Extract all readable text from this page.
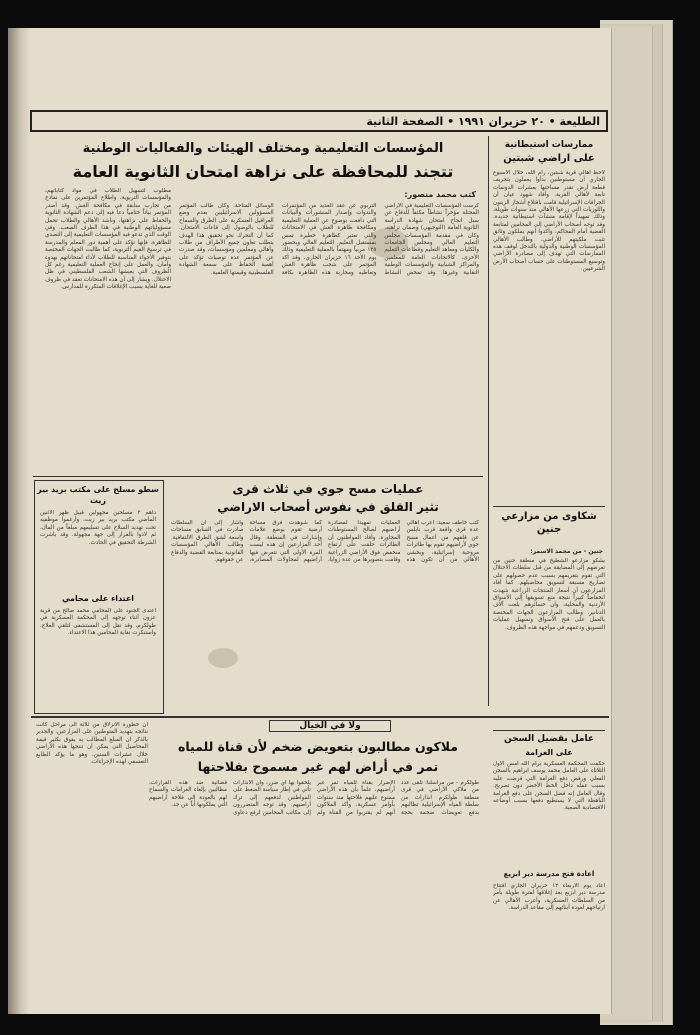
الطليعة • ٢٠ حزيران ١٩٩١ • الصفحة الثانية
ممارسات استيطانية
على اراضي شبتين
لاحظ أهالي قرية شبتين، رام الله، خلال الأسبوع الجاري أن مستوطنين بدأوا يعملون بتجريف قطعة أرض تقدر مساحتها بعشرات الدونمات تابعة لأهالي القرية. وأفاد شهود عيان أن الجرافات الإسرائيلية قامت باقتلاع أشجار الزيتون واللوزيات التي زرعها الأهالي منذ سنوات طويلة، وذلك تمهيداً لإقامة منشآت استيطانية جديدة. وقد توجه أصحاب الأراضي إلى المحامين لمتابعة القضية أمام المحاكم، وأكدوا أنهم يملكون وثائق تثبت ملكيتهم للأراضي. وطالب الأهالي المؤسسات الوطنية والدولية بالتدخل لوقف هذه الممارسات التي تهدف إلى مصادرة الأراضي وتوسيع المستوطنات على حساب أصحاب الأرض الشرعيين.
شكاوى من مزارعي جنين
جنين - من محمد الاسمر:
يشكو مزارعو الشطيخ في منطقة جنين من تعرضهم إلى المضايقة من قبل سلطات الاحتلال التي تقوم بتغريمهم بسبب عدم حصولهم على تصاريح مسبقة لتسويق محاصيلهم. كما أفاد المزارعون أن أسعار المنتجات الزراعية شهدت انخفاضاً كبيراً نتيجة منع تسويقها إلى الأسواق الأردنية والمحلية، وأن خسائرهم بلغت آلاف الدنانير. وطالب المزارعون الجهات المختصة بالعمل على فتح الأسواق وتسهيل عمليات التسويق ودعمهم في مواجهة هذه الظروف.
عامل يقضيل السجن
على الغرامة
حكمت المحكمة العسكرية برام الله أمس الأول الثلاثاء على العامل محمد يوسف ابراهيم بالسجن الفعلي ورفض دفع الغرامة التي فرضت عليه بسبب عمله داخل الخط الأخضر دون تصريح. وقال العامل إنه فضل السجن على دفع الغرامة الباهظة التي لا يستطيع دفعها بسبب أوضاعه الاقتصادية الصعبة.
اعادة فتح مدرسة دير ابزيع
اعاد يوم الاربعاء ١٢ حزيران الجاري افتتاح مدرسة دير ابزيع بعد إغلاقها لفترة طويلة بأمر من السلطات العسكرية، وأعرب الأهالي عن ارتياحهم لعودة أبنائهم إلى مقاعد الدراسة.
المؤسسات التعليمية ومختلف الهيئات والفعاليات الوطنية
تتجند للمحافظة على نزاهة امتحان الثانوية العامة
كتب محمد منصور:
كرست المؤسسات التعليمية في الأراضي المحتلة مؤخراً نشاطاً مكثفاً للدفاع عن سبل انجاح امتحان شهادة الدراسة الثانوية العامة (التوجيهي) وضمان نزاهته، وكان في مقدمة المؤسسات مجلس التعليم العالي ومجلس الجامعات والكليات ومعاهد التعليم وقطاعات التعليم الأخرى، كالاتحادات العامة للمعلمين والمراكز الشبابية والمؤسسات الوطنية النقابية وغيرها. وقد تمخض النشاط التربوي عن عقد العديد من المؤتمرات والندوات وإصدار المنشورات والبيانات التي دافعت بوضوح عن العملية التعليمية ومكافحة ظاهرة الغش في الامتحانات والتي تعتبر كظاهرة خطيرة تمس بمستقبل التعليم. التعليم العالي وبحضور ١٢٥ مربياً ومهتماً بالعملية التعليمية وذلك يوم الأحد ١٦ حزيران الجاري، وقد أكد المؤتمر على شجب ظاهرة الغش وتعاطيه ومحاربة هذه الظاهرة بكافة الوسائل المتاحة. وكان طالب المؤتمر المسؤولين الاسرائيليين بعدم وضع العراقيل العسكرية على الطرق والسماح للطلاب بالوصول إلى قاعات الامتحان. كما أن التحرك نحو تحقيق هذا الهدف يتطلب تعاون جميع الأطراف من طلاب وأهالي ومعلمين ومؤسسات، وقد صدرت عن المؤتمر عدة توصيات تؤكد على أهمية الحفاظ على سمعة الشهادة الفلسطينية وقيمتها العلمية.
مطلوب لتسهيل الطلاب في مواد كتاباتهم، والمؤسسات التربوية، واطلاع المؤتمرين على نماذج من تجارب سابقة في مكافحة الغش. وقد أصدر المؤتمر بياناً ختامياً دعا فيه إلى دعم الشهادة الثانوية والحفاظ على نزاهتها، وناشد الأهالي والطلاب تحمل مسؤولياتهم الوطنية في هذا الظرف الصعب. وفي الوقت الذي تدعو فيه المؤسسات التعليمية إلى التصدي للظاهرة، فإنها تؤكد على أهمية دور المعلم والمدرسة في ترسيخ القيم التربوية، كما طالبت الجهات المختصة بتوفير الأجواء المناسبة للطلاب لأداء امتحاناتهم بهدوء وأمان، والعمل على إنجاح العملية التعليمية رغم كل الظروف التي يعيشها الشعب الفلسطيني في ظل الاحتلال. ويشار إلى أن هذه الامتحانات تعقد في ظروف صعبة للغاية بسبب الإغلاقات المتكررة للمدارس.
سطو مسلح على مكتب بريد بير زيت
داهم ٣ مسلحين مجهولين قبيل ظهر الاثنين الماضي مكتب بريد بير زيت، وأرغموا موظفيه تحت تهديد السلاح على تسليمهم مبلغاً من المال، ثم لاذوا بالفرار إلى جهة مجهولة. وقد باشرت الشرطة التحقيق في الحادث.
اعتداء على محامي
اعتدى الجنود على المحامي محمد صالح من قرية عزون أثناء توجهه إلى المحكمة العسكرية في طولكرم، وقد نقل إلى المستشفى لتلقي العلاج، واستنكرت نقابة المحامين هذا الاعتداء.
عمليات مسح جوي في ثلاث قرى
تثير القلق في نفوس أصحاب الاراضي
كتب خاطف سعيد: أعرب أهالي عدة قرى واقعة قرب نابلس عن قلقهم من أعمال مسح جوي لأراضيهم تقوم بها طائرات مروحية إسرائيلية، ويخشى الأهالي من أن تكون هذه العمليات تمهيداً لمصادرة أراضيهم لصالح المستوطنات المجاورة. وأفاد المواطنون أن الطائرات حلقت على ارتفاع منخفض فوق الأراضي الزراعية وقامت بتصويرها من عدة زوايا، كما شوهدت فرق مساحة أرضية تقوم بوضع علامات وإشارات في المنطقة. وقال أحد المزارعين إن هذه ليست المرة الأولى التي تتعرض فيها أراضيهم لمحاولات المصادرة، وأشار إلى أن السلطات صادرت في السابق مساحات واسعة لشق الطرق الالتفافية. وطالب الأهالي المؤسسات القانونية بمتابعة القضية والدفاع عن حقوقهم.
ولا في الخيال
ملاكون مطالبون بتعويض ضخم لأن قناة للمياه
تمر في أراض لهم غير مسموح بفلاحتها
طولكرم - من مراسلنا: تلقى عدد من ملاكي الأراضي في قرى منطقة طولكرم انذارات من سلطة المياه الإسرائيلية تطالبهم بدفع تعويضات ضخمة بحجة الإضرار بقناة للمياه تمر عبر أراضيهم، علماً بأن هذه الأراضي ممنوع عليهم فلاحتها منذ سنوات بأوامر عسكرية. وأكد الملاكون أنهم لم يقتربوا من القناة ولم يلحقوا بها أي ضرر، وأن الانذارات تأتي في إطار سياسة الضغط على المواطنين لدفعهم إلى ترك أراضيهم. وقد توجه المتضررون إلى مكاتب المحامين لرفع دعاوى قضائية ضد هذه القرارات، مطالبين بإلغاء الغرامات والسماح لهم بالعودة إلى فلاحة أراضيهم التي يملكونها أباً عن جد.
ان خطورة الانزلاق من ثلاثة الى مراحل كانت نتائجه بتهديد المتوطنين على المزارعين، والجدير بالذكر ان المبلغ المطالب به يفوق بكثير قيمة المحاصيل التي يمكن أن تنتجها هذه الأراضي خلال عشرات السنين، وهو ما يؤكد الطابع التعسفي لهذه الإجراءات.
